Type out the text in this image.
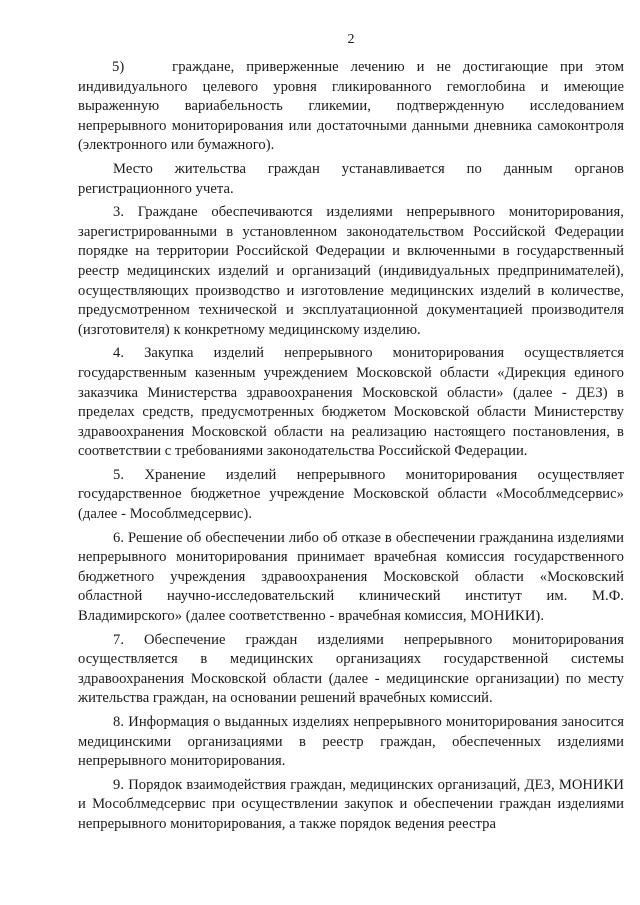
2

5)    граждане, приверженные лечению и не достигающие при этом индивидуального целевого уровня гликированного гемоглобина и имеющие выраженную вариабельность гликемии, подтвержденную исследованием непрерывного мониторирования или достаточными данными дневника самоконтроля (электронного или бумажного).

Место жительства граждан устанавливается по данным органов регистрационного учета.

3. Граждане обеспечиваются изделиями непрерывного мониторирования, зарегистрированными в установленном законодательством Российской Федерации порядке на территории Российской Федерации и включенными в государственный реестр медицинских изделий и организаций (индивидуальных предпринимателей), осуществляющих производство и изготовление медицинских изделий в количестве, предусмотренном технической и эксплуатационной документацией производителя (изготовителя) к конкретному медицинскому изделию.

4. Закупка изделий непрерывного мониторирования осуществляется государственным казенным учреждением Московской области «Дирекция единого заказчика Министерства здравоохранения Московской области» (далее - ДЕЗ) в пределах средств, предусмотренных бюджетом Московской области Министерству здравоохранения Московской области на реализацию настоящего постановления, в соответствии с требованиями законодательства Российской Федерации.

5. Хранение изделий непрерывного мониторирования осуществляет государственное бюджетное учреждение Московской области «Мособлмедсервис» (далее - Мособлмедсервис).

6. Решение об обеспечении либо об отказе в обеспечении гражданина изделиями непрерывного мониторирования принимает врачебная комиссия государственного бюджетного учреждения здравоохранения Московской области «Московский областной научно-исследовательский клинический институт им. М.Ф. Владимирского» (далее соответственно - врачебная комиссия, МОНИКИ).

7. Обеспечение граждан изделиями непрерывного мониторирования осуществляется в медицинских организациях государственной системы здравоохранения Московской области (далее - медицинские организации) по месту жительства граждан, на основании решений врачебных комиссий.

8. Информация о выданных изделиях непрерывного мониторирования заносится медицинскими организациями в реестр граждан, обеспеченных изделиями непрерывного мониторирования.

9. Порядок взаимодействия граждан, медицинских организаций, ДЕЗ, МОНИКИ и Мособлмедсервис при осуществлении закупок и обеспечении граждан изделиями непрерывного мониторирования, а также порядок ведения реестра
